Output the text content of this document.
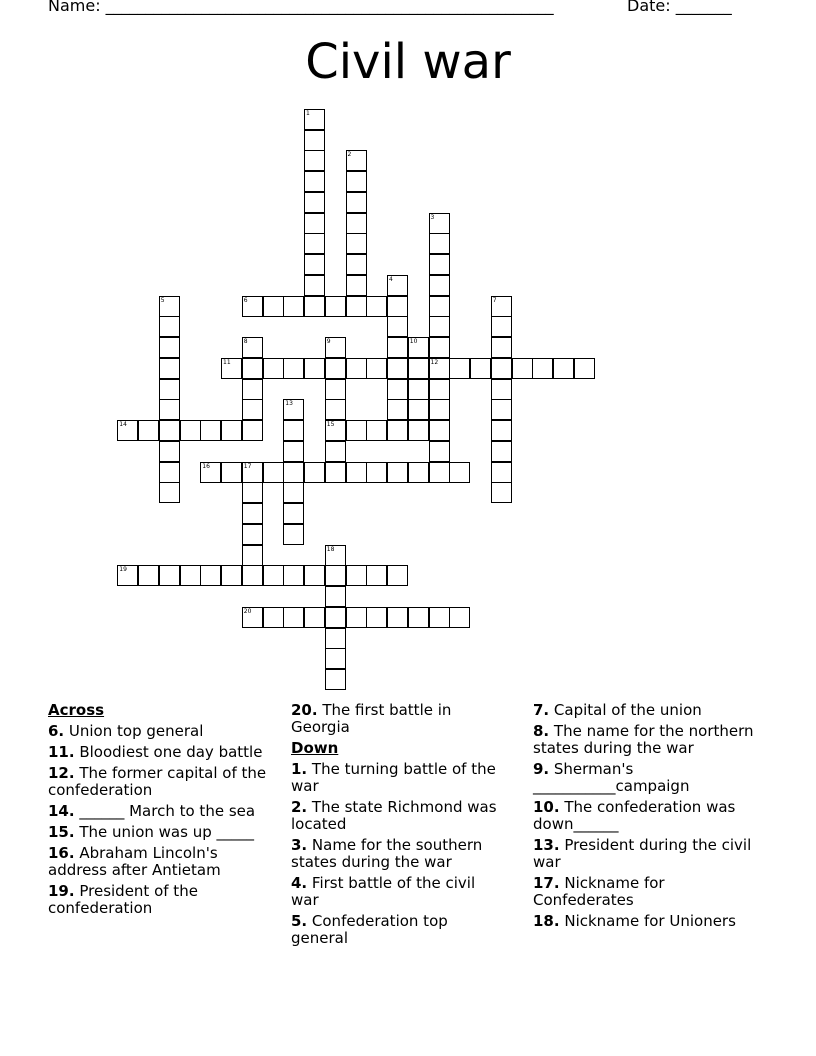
Name: ________________________________________________________	Date: _______
Civil war
1
2
3
12
4
5	6	7
8	9
15
10
11
13
14
16	17
18
19
20
Across
6. Union top general
11. Bloodiest one day battle
12. The former capital of the confederation
14. ______ March to the sea
15. The union was up _____
16. Abraham Lincoln's address after Antietam
19. President of the confederation
20. The first battle in Georgia
Down
1. The turning battle of the war
2. The state Richmond was located
3. Name for the southern states during the war
4. First battle of the civil war
5. Confederation top general
7. Capital of the union
8. The name for the northern states during the war
9. Sherman's ___________campaign
10. The confederation was down______
13. President during the civil war
17. Nickname for Confederates
18. Nickname for Unioners
